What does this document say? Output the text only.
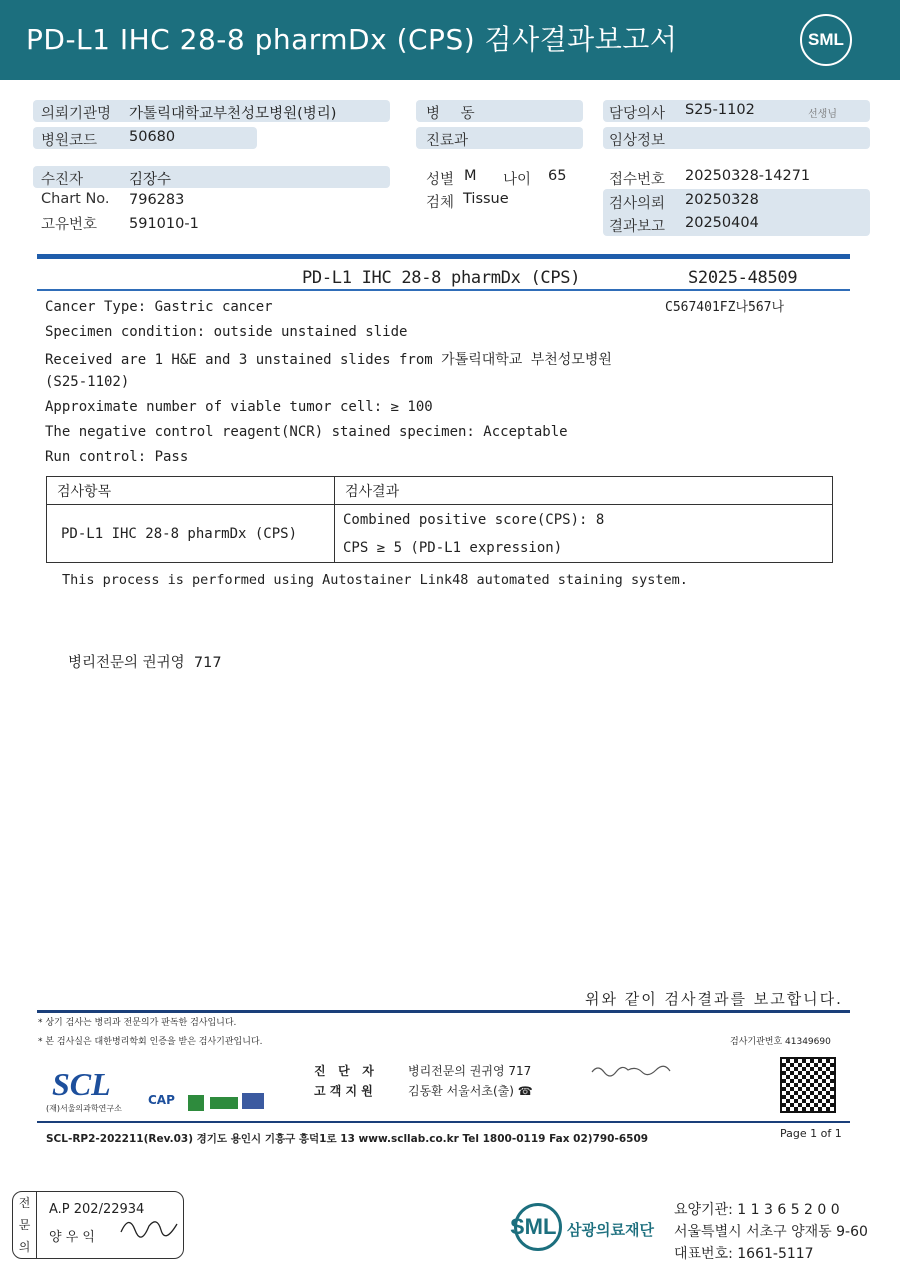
PD-L1 IHC 28-8 pharmDx (CPS) 검사결과보고서	SML
의뢰기관명 가톨릭대학교부천성모병원(병리)
병원코드 50680
병 동
진료과
담당의사 S25-1102	선생님
임상정보
수진자	김장수
Chart No. 796283
고유번호 591010-1
성별 M 나이 65
검체 Tissue
접수번호 20250328-14271
검사의뢰 20250328
결과보고 20250404
PD-L1 IHC 28-8 pharmDx (CPS)	S2025-48509
C567401FZ나567나
Cancer Type: Gastric cancer
Specimen condition: outside unstained slide
Received are 1 H&E and 3 unstained slides from 가톨릭대학교 부천성모병원
(S25-1102)
Approximate number of viable tumor cell: ≥ 100
The negative control reagent(NCR) stained specimen: Acceptable
Run control: Pass
검사항목	검사결과
PD-L1 IHC 28-8 pharmDx (CPS)	Combined positive score(CPS): 8
CPS ≥ 5 (PD-L1 expression)
This process is performed using Autostainer Link48 automated staining system.
병리전문의 권귀영  717
위와 같이 검사결과를 보고합니다.
* 상기 검사는 병리과 전문의가 판독한 검사입니다.
* 본 검사실은 대한병리학회 인증을 받은 검사기관입니다.	검사기관번호 41349690
진   단   자	병리전문의 권귀영 717
고 객 지 원	김동환 서울서초(출) ☎
SCL
(재)서울의과학연구소
CAP
SCL-RP2-202211(Rev.03) 경기도 용인시 기흥구 흥덕1로 13 www.scllab.co.kr Tel 1800-0119 Fax 02)790-6509	Page 1 of 1
전
문
의
A.P 202/22934
양 우 익	SML 삼광의료재단
요양기관: 1 1 3 6 5 2 0 0
서울특별시 서초구 양재동 9-60
대표번호: 1661-5117
